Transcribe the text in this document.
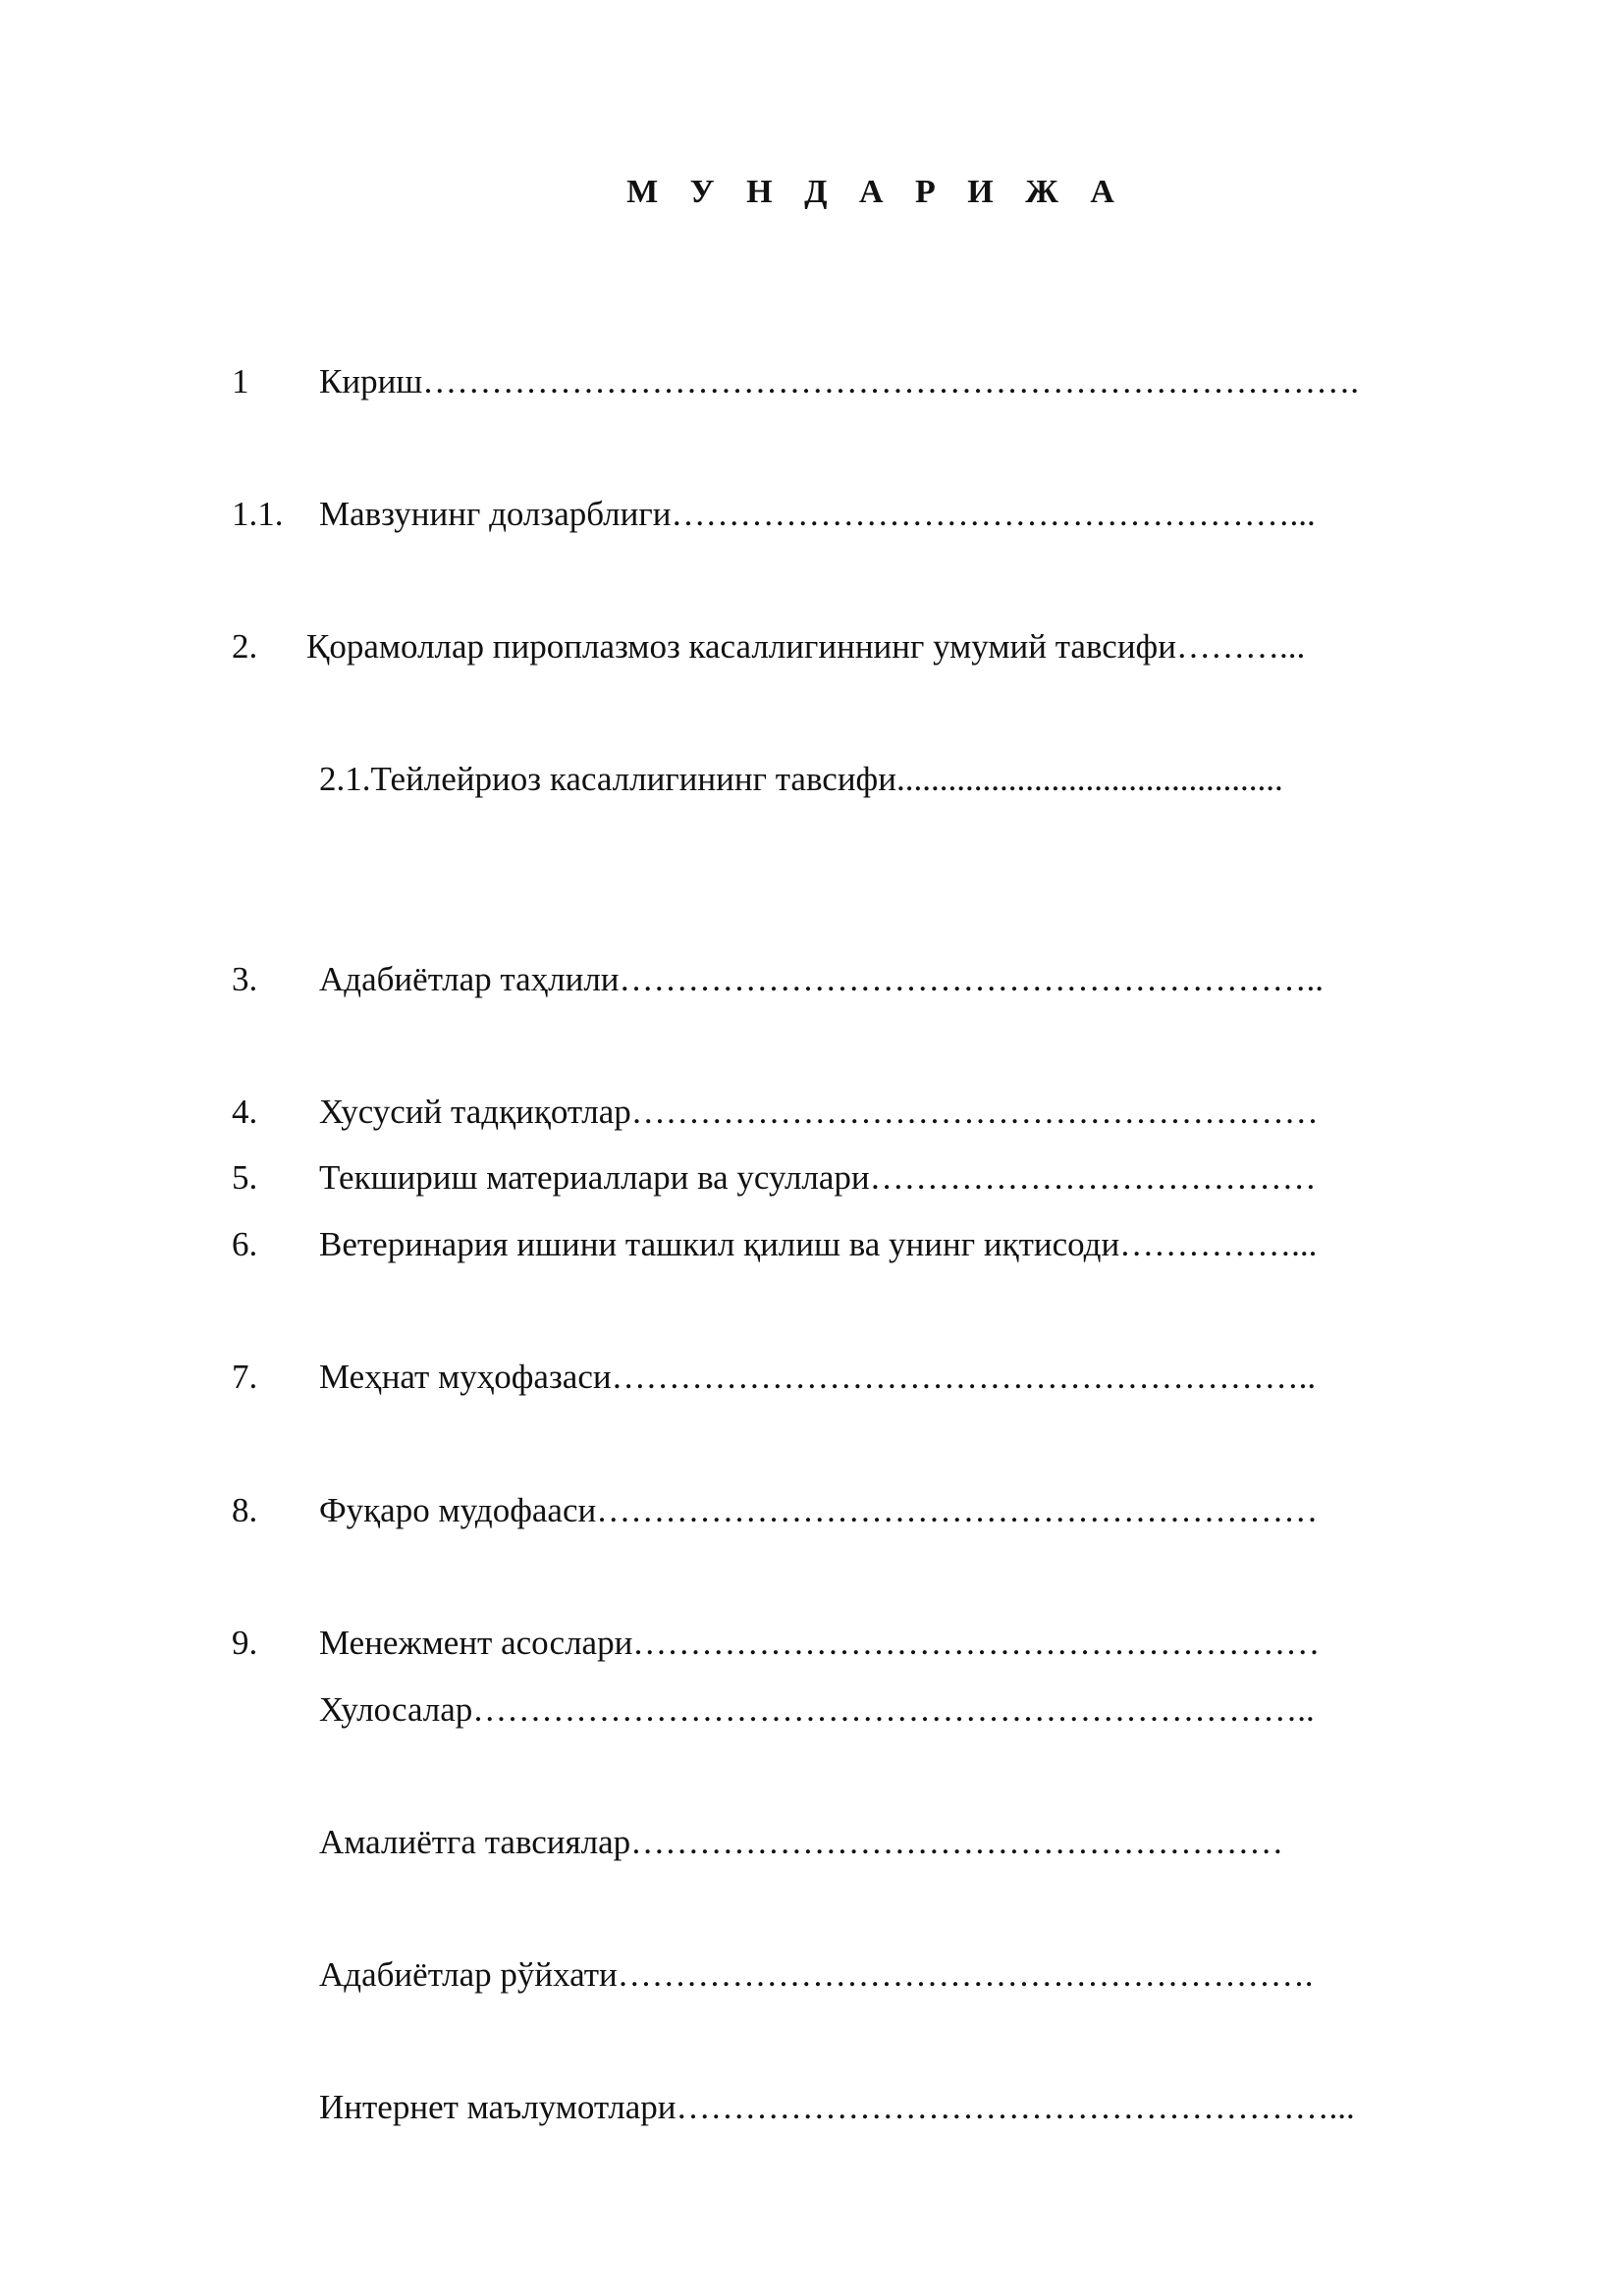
М У Н Д А Р И Ж А
1 Кириш……………………………………………………………………….
1.1. Мавзунинг долзарблиги………………………………………………...
2. Қорамоллар пироплазмоз касаллигиннинг умумий тавсифи………...
2.1.Тейлейриоз касаллигининг тавсифи.............................................
3. Адабиётлар таҳлили……………………………………………………..
4. Хусусий тадқиқотлар……………………………………………………
5. Текшириш материаллари ва усуллари…………………………………
6. Ветеринария ишини ташкил қилиш ва унинг иқтисоди……………...
7. Меҳнат муҳофазаси……………………………………………………..
8. Фуқаро мудофааси………………………………………………………
9. Менежмент асослари……………………………………………………
Хулосалар………………………………………………………………..
Амалиётга тавсиялар…………………………………………………
Адабиётлар рўйхати…………………………………………………….
Интернет маълумотлари…………………………………………………...
